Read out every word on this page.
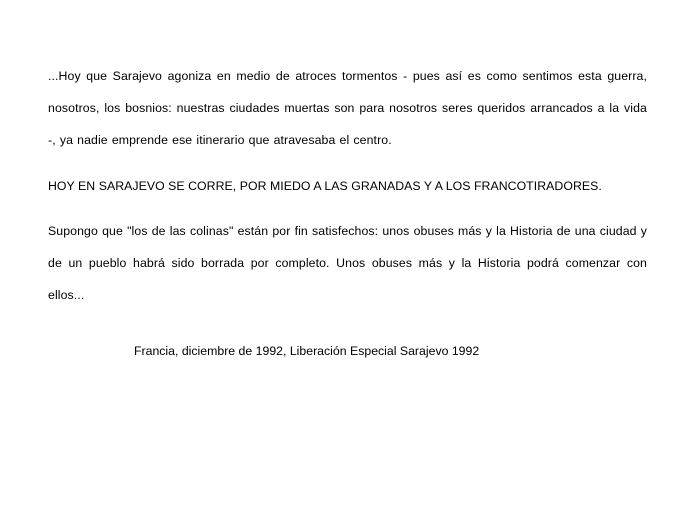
...Hoy que Sarajevo agoniza en medio de atroces tormentos - pues así es como sentimos esta guerra, nosotros, los bosnios: nuestras ciudades muertas son para nosotros seres queridos arrancados a la vida -, ya nadie emprende ese itinerario que atravesaba el centro.

HOY EN SARAJEVO SE CORRE, POR MIEDO A LAS GRANADAS Y A LOS FRANCOTIRADORES.

Supongo que "los de las colinas" están por fin satisfechos: unos obuses más y la Historia de una ciudad y de un pueblo habrá sido borrada por completo. Unos obuses más y la Historia podrá comenzar con ellos...

Francia, diciembre de 1992, Liberación Especial Sarajevo 1992
